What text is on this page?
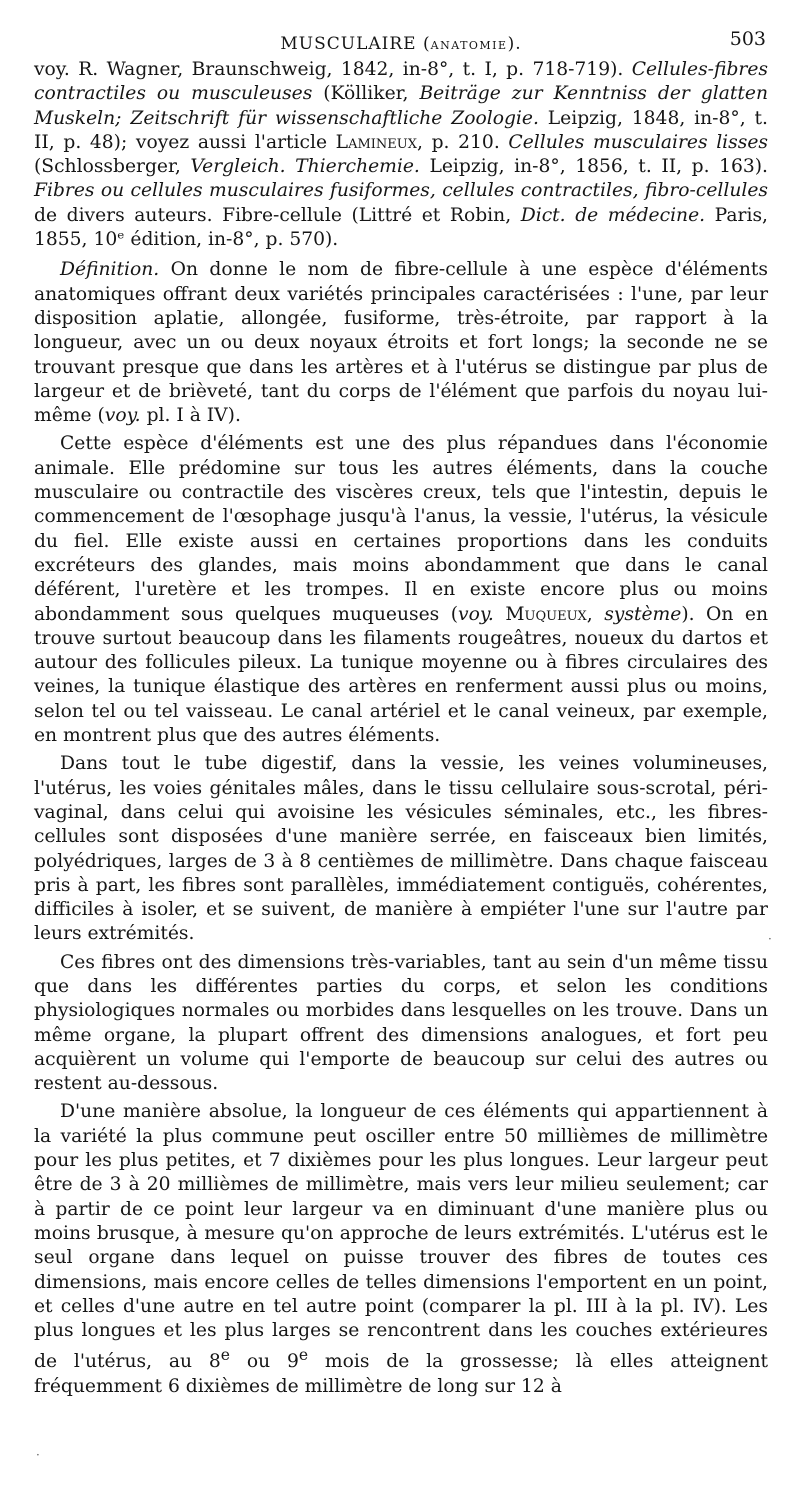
MUSCULAIRE (ANATOMIE).	503

voy. R. Wagner, Braunschweig, 1842, in-8°, t. I, p. 718-719). Cellules-fibres contractiles ou musculeuses (Kölliker, Beiträge zur Kenntniss der glatten Muskeln; Zeitschrift für wissenschaftliche Zoologie. Leipzig, 1848, in-8°, t. II, p. 48); voyez aussi l'article Lamineux, p. 210. Cellules musculaires lisses (Schlossberger, Vergleich. Thierchemie. Leipzig, in-8°, 1856, t. II, p. 163). Fibres ou cellules musculaires fusiformes, cellules contractiles, fibro-cellules de divers auteurs. Fibre-cellule (Littré et Robin, Dict. de médecine. Paris, 1855, 10ᵉ édition, in-8°, p. 570).

Définition. On donne le nom de fibre-cellule à une espèce d'éléments anatomiques offrant deux variétés principales caractérisées : l'une, par leur disposition aplatie, allongée, fusiforme, très-étroite, par rapport à la longueur, avec un ou deux noyaux étroits et fort longs; la seconde ne se trouvant presque que dans les artères et à l'utérus se distingue par plus de largeur et de brièveté, tant du corps de l'élément que parfois du noyau lui-même (voy. pl. I à IV).

Cette espèce d'éléments est une des plus répandues dans l'économie animale. Elle prédomine sur tous les autres éléments, dans la couche musculaire ou contractile des viscères creux, tels que l'intestin, depuis le commencement de l'œsophage jusqu'à l'anus, la vessie, l'utérus, la vésicule du fiel. Elle existe aussi en certaines proportions dans les conduits excréteurs des glandes, mais moins abondamment que dans le canal déférent, l'uretère et les trompes. Il en existe encore plus ou moins abondamment sous quelques muqueuses (voy. Muqueux, système). On en trouve surtout beaucoup dans les filaments rougeâtres, noueux du dartos et autour des follicules pileux. La tunique moyenne ou à fibres circulaires des veines, la tunique élastique des artères en renferment aussi plus ou moins, selon tel ou tel vaisseau. Le canal artériel et le canal veineux, par exemple, en montrent plus que des autres éléments.

Dans tout le tube digestif, dans la vessie, les veines volumineuses, l'utérus, les voies génitales mâles, dans le tissu cellulaire sous-scrotal, péri-vaginal, dans celui qui avoisine les vésicules séminales, etc., les fibres-cellules sont disposées d'une manière serrée, en faisceaux bien limités, polyédriques, larges de 3 à 8 centièmes de millimètre. Dans chaque faisceau pris à part, les fibres sont parallèles, immédiatement contiguës, cohérentes, difficiles à isoler, et se suivent, de manière à empiéter l'une sur l'autre par leurs extrémités.

Ces fibres ont des dimensions très-variables, tant au sein d'un même tissu que dans les différentes parties du corps, et selon les conditions physiologiques normales ou morbides dans lesquelles on les trouve. Dans un même organe, la plupart offrent des dimensions analogues, et fort peu acquièrent un volume qui l'emporte de beaucoup sur celui des autres ou restent au-dessous.

D'une manière absolue, la longueur de ces éléments qui appartiennent à la variété la plus commune peut osciller entre 50 millièmes de millimètre pour les plus petites, et 7 dixièmes pour les plus longues. Leur largeur peut être de 3 à 20 millièmes de millimètre, mais vers leur milieu seulement; car à partir de ce point leur largeur va en diminuant d'une manière plus ou moins brusque, à mesure qu'on approche de leurs extrémités. L'utérus est le seul organe dans lequel on puisse trouver des fibres de toutes ces dimensions, mais encore celles de telles dimensions l'emportent en un point, et celles d'une autre en tel autre point (comparer la pl. III à la pl. IV). Les plus longues et les plus larges se rencontrent dans les couches extérieures de l'utérus, au 8e ou 9e mois de la grossesse; là elles atteignent fréquemment 6 dixièmes de millimètre de long sur 12 à

·
·
